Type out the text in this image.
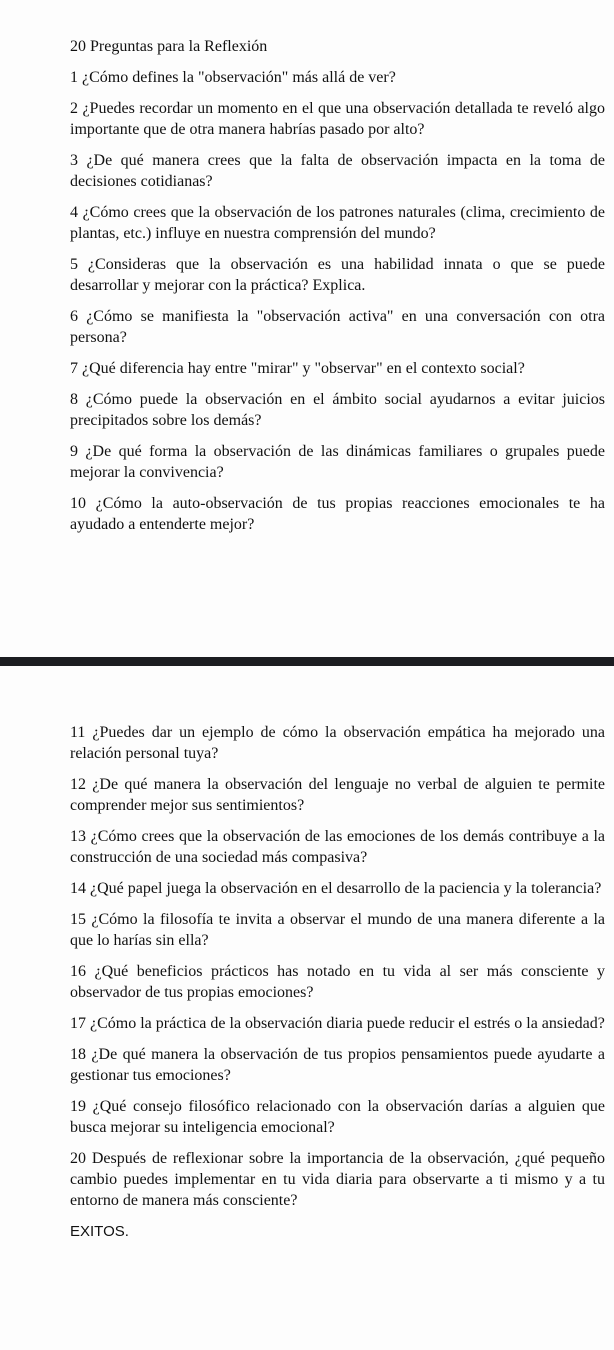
20 Preguntas para la Reflexión

1 ¿Cómo defines la "observación" más allá de ver?

2 ¿Puedes recordar un momento en el que una observación detallada te reveló algo importante que de otra manera habrías pasado por alto?

3 ¿De qué manera crees que la falta de observación impacta en la toma de decisiones cotidianas?

4 ¿Cómo crees que la observación de los patrones naturales (clima, crecimiento de plantas, etc.) influye en nuestra comprensión del mundo?

5 ¿Consideras que la observación es una habilidad innata o que se puede desarrollar y mejorar con la práctica? Explica.

6 ¿Cómo se manifiesta la "observación activa" en una conversación con otra persona?

7 ¿Qué diferencia hay entre "mirar" y "observar" en el contexto social?

8 ¿Cómo puede la observación en el ámbito social ayudarnos a evitar juicios precipitados sobre los demás?

9 ¿De qué forma la observación de las dinámicas familiares o grupales puede mejorar la convivencia?

10 ¿Cómo la auto-observación de tus propias reacciones emocionales te ha ayudado a entenderte mejor?

11 ¿Puedes dar un ejemplo de cómo la observación empática ha mejorado una relación personal tuya?

12 ¿De qué manera la observación del lenguaje no verbal de alguien te permite comprender mejor sus sentimientos?

13 ¿Cómo crees que la observación de las emociones de los demás contribuye a la construcción de una sociedad más compasiva?

14 ¿Qué papel juega la observación en el desarrollo de la paciencia y la tolerancia?

15 ¿Cómo la filosofía te invita a observar el mundo de una manera diferente a la que lo harías sin ella?

16 ¿Qué beneficios prácticos has notado en tu vida al ser más consciente y observador de tus propias emociones?

17 ¿Cómo la práctica de la observación diaria puede reducir el estrés o la ansiedad?

18 ¿De qué manera la observación de tus propios pensamientos puede ayudarte a gestionar tus emociones?

19 ¿Qué consejo filosófico relacionado con la observación darías a alguien que busca mejorar su inteligencia emocional?

20 Después de reflexionar sobre la importancia de la observación, ¿qué pequeño cambio puedes implementar en tu vida diaria para observarte a ti mismo y a tu entorno de manera más consciente?

EXITOS.
